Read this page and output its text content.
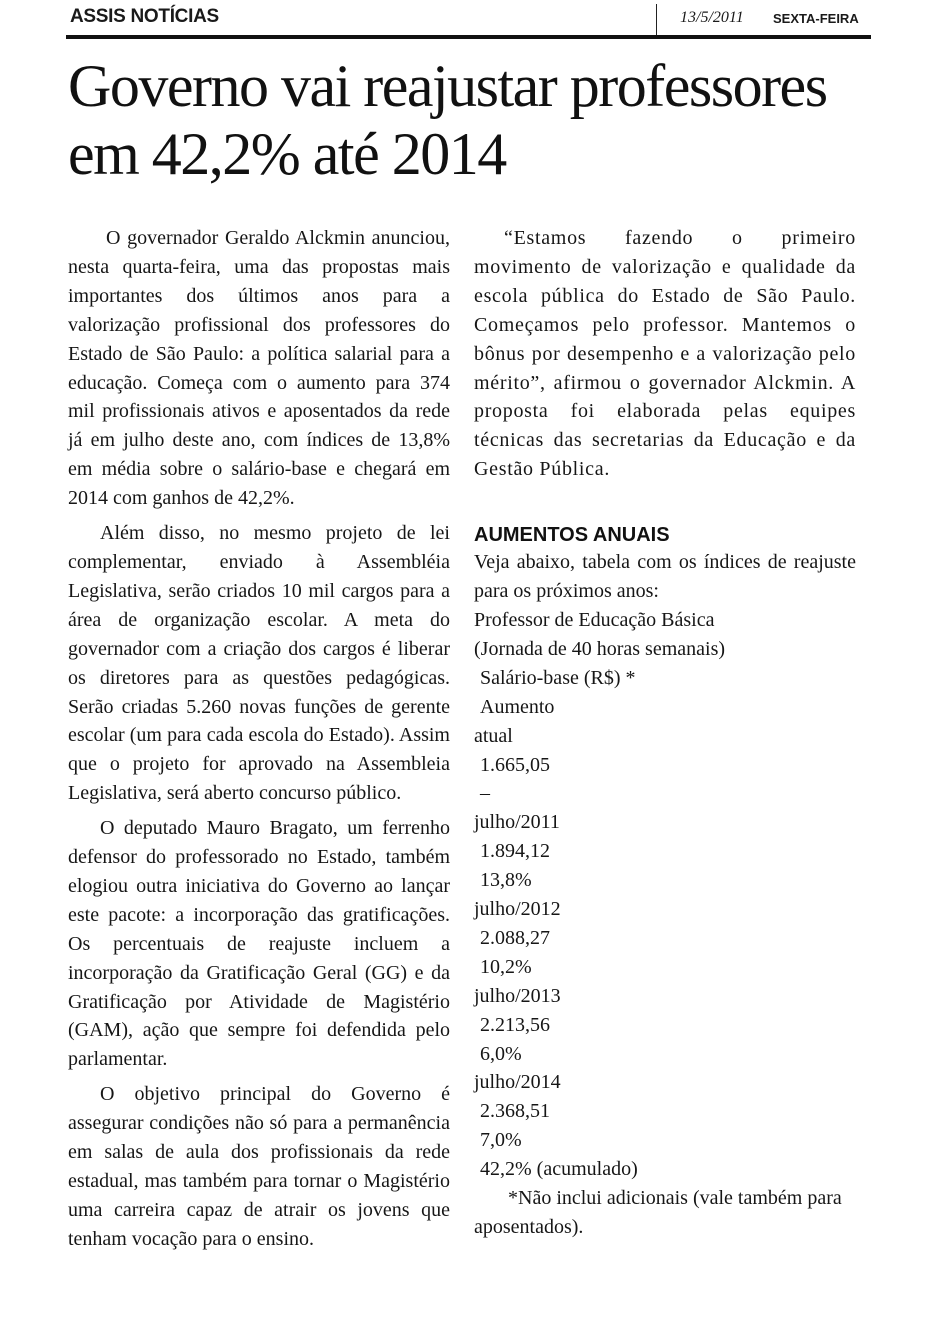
ASSIS NOTÍCIAS	13/5/2011 SEXTA-FEIRA
Governo vai reajustar professores em 42,2% até 2014

O governador Geraldo Alckmin anunciou, nesta quarta-feira, uma das propostas mais importantes dos últimos anos para a valorização profissional dos professores do Estado de São Paulo: a política salarial para a educação. Começa com o aumento para 374 mil profissionais ativos e aposentados da rede já em julho deste ano, com índices de 13,8% em média sobre o salário-base e chegará em 2014 com ganhos de 42,2%.

Além disso, no mesmo projeto de lei complementar, enviado à Assembléia Legislativa, serão criados 10 mil cargos para a área de organização escolar. A meta do governador com a criação dos cargos é liberar os diretores para as questões pedagógicas. Serão criadas 5.260 novas funções de gerente escolar (um para cada escola do Estado). Assim que o projeto for aprovado na Assembleia Legislativa, será aberto concurso público.

O deputado Mauro Bragato, um ferrenho defensor do professorado no Estado, também elogiou outra iniciativa do Governo ao lançar este pacote: a incorporação das gratificações. Os percentuais de reajuste incluem a incorporação da Gratificação Geral (GG) e da Gratificação por Atividade de Magistério (GAM), ação que sempre foi defendida pelo parlamentar.

O objetivo principal do Governo é assegurar condições não só para a permanência em salas de aula dos profissionais da rede estadual, mas também para tornar o Magistério uma carreira capaz de atrair os jovens que tenham vocação para o ensino.

“Estamos fazendo o primeiro movimento de valorização e qualidade da escola pública do Estado de São Paulo. Começamos pelo professor. Mantemos o bônus por desempenho e a valorização pelo mérito”, afirmou o governador Alckmin. A proposta foi elaborada pelas equipes técnicas das secretarias da Educação e da Gestão Pública.

AUMENTOS ANUAIS

Veja abaixo, tabela com os índices de reajuste para os próximos anos:

Professor de Educação Básica
(Jornada de 40 horas semanais)
Salário-base (R$) *
Aumento
atual
1.665,05
–
julho/2011
1.894,12
13,8%
julho/2012
2.088,27
10,2%
julho/2013
2.213,56
6,0%
julho/2014
2.368,51
7,0%
42,2% (acumulado)

*Não inclui adicionais (vale também para aposentados).
